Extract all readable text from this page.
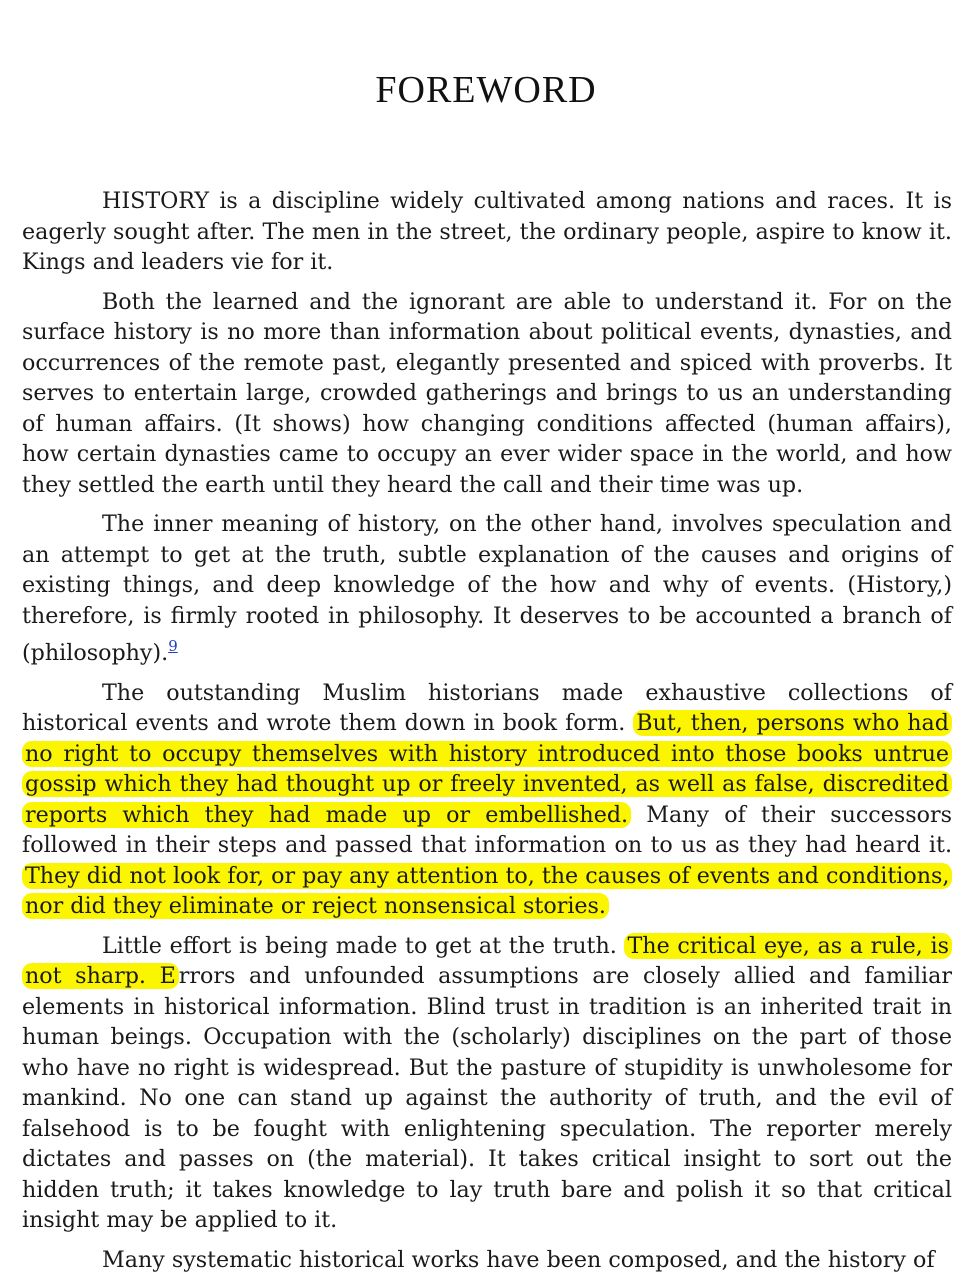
FOREWORD

HISTORY is a discipline widely cultivated among nations and races. It is eagerly sought after. The men in the street, the ordinary people, aspire to know it. Kings and leaders vie for it.

Both the learned and the ignorant are able to understand it. For on the surface history is no more than information about political events, dynasties, and occurrences of the remote past, elegantly presented and spiced with proverbs. It serves to entertain large, crowded gatherings and brings to us an understanding of human affairs. (It shows) how changing conditions affected (human affairs), how certain dynasties came to occupy an ever wider space in the world, and how they settled the earth until they heard the call and their time was up.

The inner meaning of history, on the other hand, involves speculation and an attempt to get at the truth, subtle explanation of the causes and origins of existing things, and deep knowledge of the how and why of events. (History,) therefore, is firmly rooted in philosophy. It deserves to be accounted a branch of (philosophy).$^9$

The outstanding Muslim historians made exhaustive collections of historical events and wrote them down in book form. But, then, persons who had no right to occupy themselves with history introduced into those books untrue gossip which they had thought up or freely invented, as well as false, discredited reports which they had made up or embellished. Many of their successors followed in their steps and passed that information on to us as they had heard it. They did not look for, or pay any attention to, the causes of events and conditions, nor did they eliminate or reject nonsensical stories.

Little effort is being made to get at the truth. The critical eye, as a rule, is not sharp. E rrors and unfounded assumptions are closely allied and familiar elements in historical information. Blind trust in tradition is an inherited trait in human beings. Occupation with the (scholarly) disciplines on the part of those who have no right is widespread. But the pasture of stupidity is unwholesome for mankind. No one can stand up against the authority of truth, and the evil of falsehood is to be fought with enlightening speculation. The reporter merely dictates and passes on (the material). It takes critical insight to sort out the hidden truth; it takes knowledge to lay truth bare and polish it so that critical insight may be applied to it.

Many systematic historical works have been composed, and the history of
